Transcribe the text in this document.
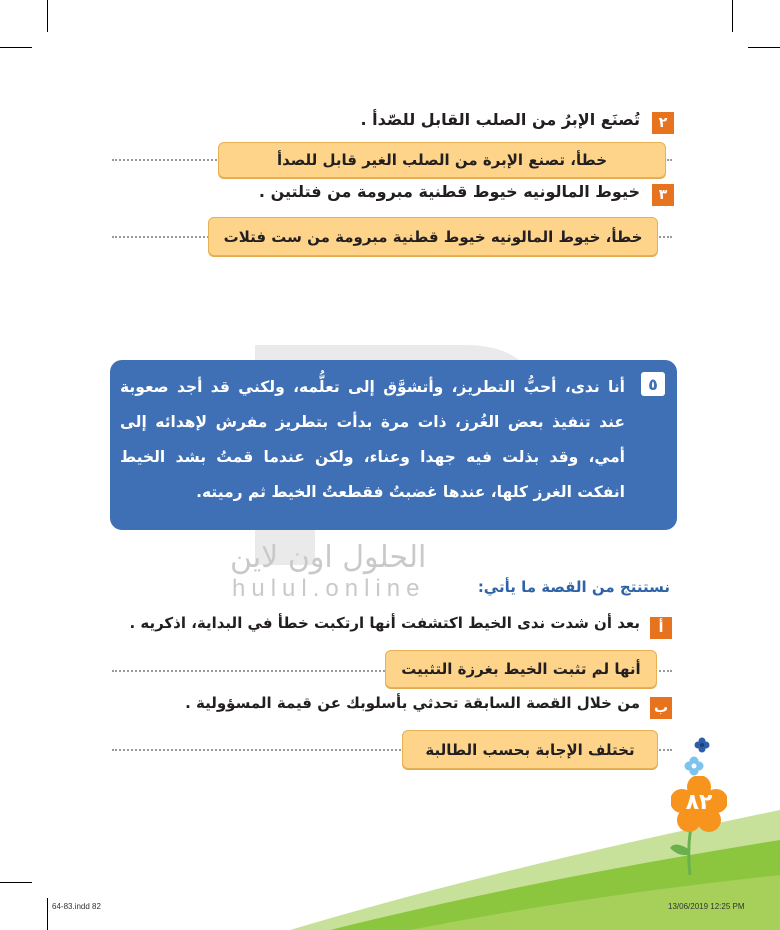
الحلول اون لاين
hulul.online
٢
تُصنَع الإبرُ من الصلب القابل للصّدأ .
خطأ، تصنع الإبرة من الصلب الغير قابل للصدأ
٣
خيوط المالونيه خيوط قطنية مبرومة من فتلتين .
خطأ، خيوط المالونيه خيوط قطنية مبرومة من ست فتلات
٥
أنا ندى، أحبُّ التطريز، وأتشوَّق إلى تعلُّمه، ولكني قد أجد صعوبة عند تنفيذ بعض الغُرز، ذات مرة بدأت بتطريز مفرش لإهدائه إلى أمي، وقد بذلت فيه جهدا وعناء، ولكن عندما قمتُ بشد الخيط انفكت الغرز كلها، عندها غضبتُ فقطعتُ الخيط ثم رميته.
نستنتج من القصة ما يأتي:
أ
بعد أن شدت ندى الخيط اكتشفت أنها ارتكبت خطأ في البداية، اذكريه .
أنها لم تثبت الخيط بغرزة التثبيت
ب
من خلال القصة السابقة تحدثي بأسلوبك عن قيمة المسؤولية .
تختلف الإجابة بحسب الطالبة
٨٢
64-83.indd 82	13/06/2019 12:25 PM
